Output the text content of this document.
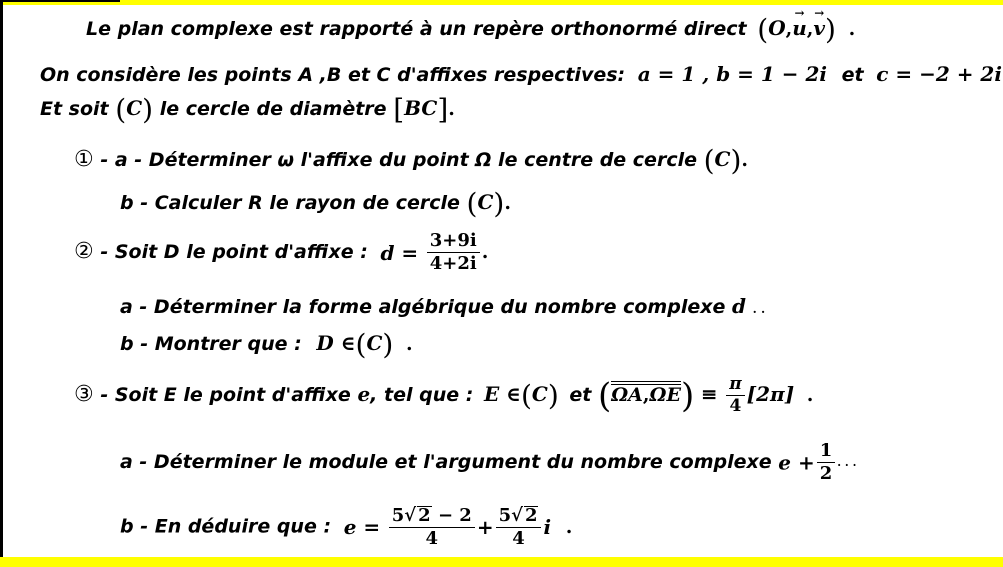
Le plan complexe est rapporté à un repère orthonormé direct (O,→ u,→ v) .
On considère les points A ,B et C d'affixes respectives: a = 1 , b = 1 − 2i et c = −2 + 2i
Et soit (C) le cercle de diamètre [BC].
① - a - Déterminer ω l'affixe du point Ω le centre de cercle (C).
b - Calculer R le rayon de cercle (C).
② - Soit D le point d'affixe : $d = \frac{3+9i}{4+2i}$ .
a - Déterminer la forme algébrique du nombre complexe d . .
b - Montrer que : D ∈(C) .
③ - Soit E le point d'affixe e, tel que : E ∈(C) et $(\Omega A,\Omega E) \equiv \frac{\pi}{4} [2\pi]$ .
a - Déterminer le module et l'argument du nombre complexe $e + \frac{1}{2}$ . . .
b - En déduire que : $e = \frac{5√ 2 - 2}{4} + \frac{5√ 2}{4}$ i .
